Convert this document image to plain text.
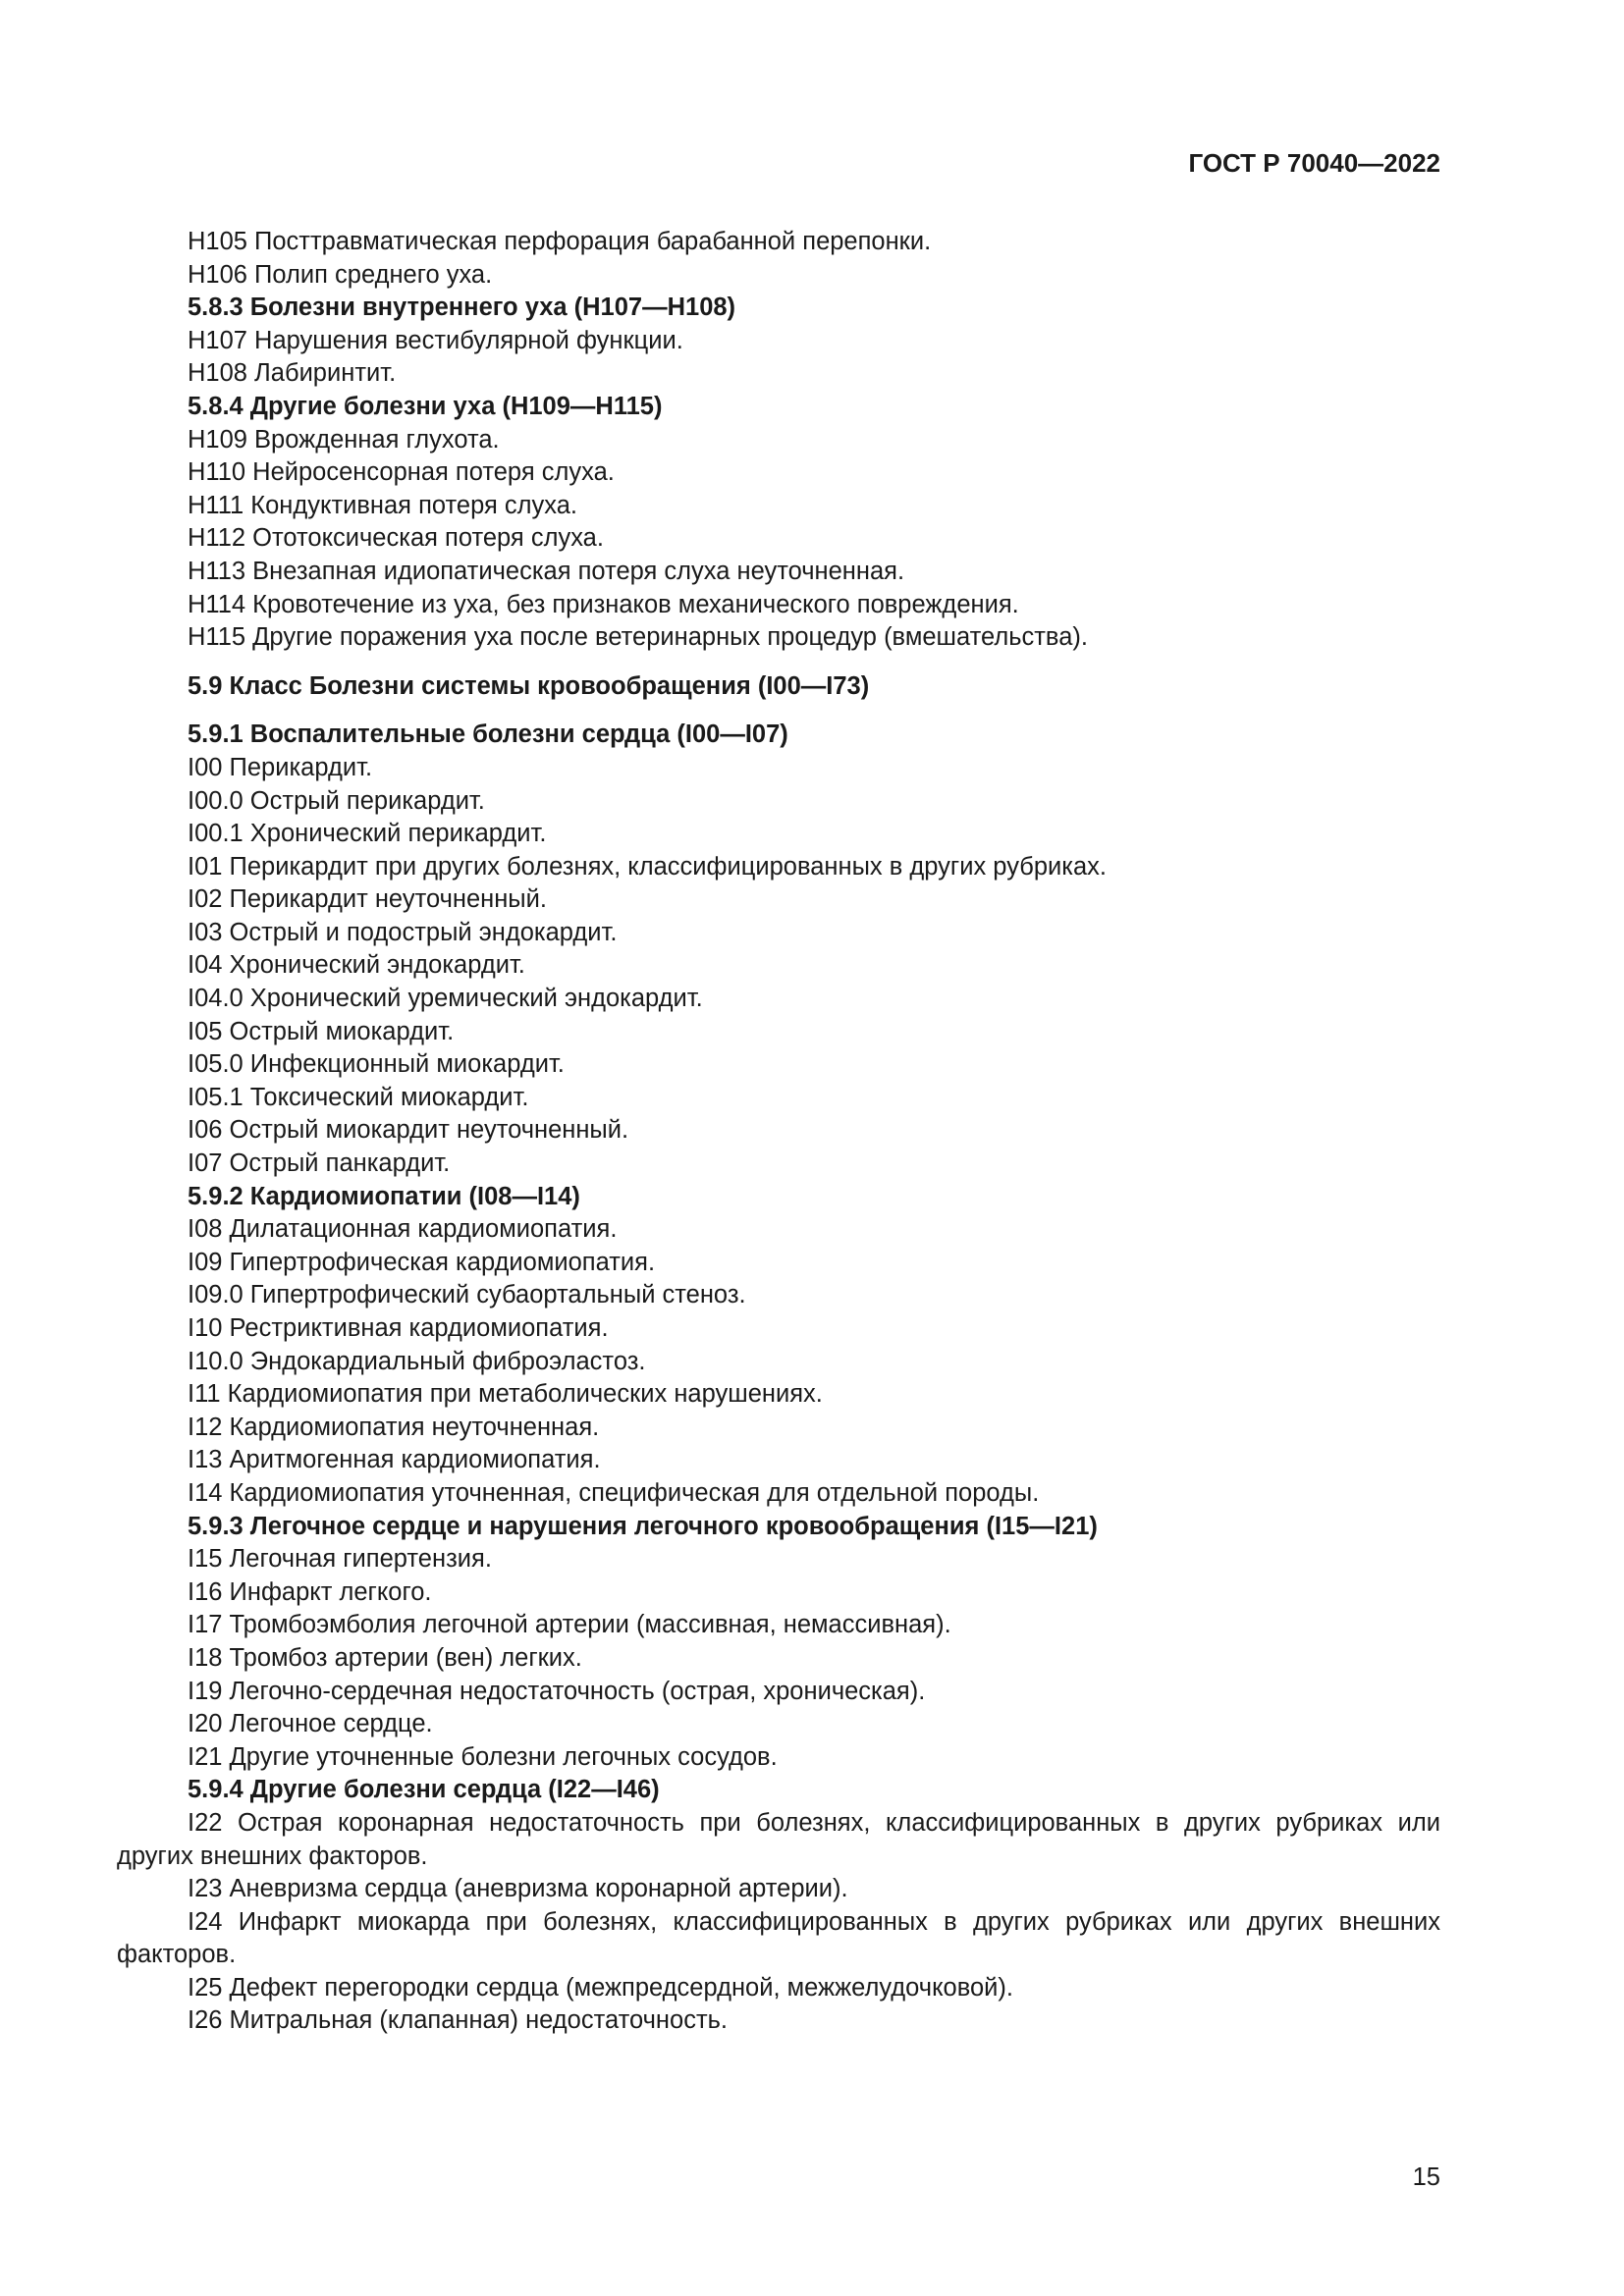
ГОСТ Р 70040—2022
H105 Посттравматическая перфорация барабанной перепонки.
H106 Полип среднего уха.
5.8.3 Болезни внутреннего уха (H107—H108)
H107 Нарушения вестибулярной функции.
H108 Лабиринтит.
5.8.4 Другие болезни уха (H109—H115)
H109 Врожденная глухота.
H110 Нейросенсорная потеря слуха.
H111 Кондуктивная потеря слуха.
H112 Ототоксическая потеря слуха.
H113 Внезапная идиопатическая потеря слуха неуточненная.
H114 Кровотечение из уха, без признаков механического повреждения.
H115 Другие поражения уха после ветеринарных процедур (вмешательства).
5.9 Класс Болезни системы кровообращения (I00—I73)
5.9.1 Воспалительные болезни сердца (I00—I07)
I00 Перикардит.
I00.0 Острый перикардит.
I00.1 Хронический перикардит.
I01 Перикардит при других болезнях, классифицированных в других рубриках.
I02 Перикардит неуточненный.
I03 Острый и подострый эндокардит.
I04 Хронический эндокардит.
I04.0 Хронический уремический эндокардит.
I05 Острый миокардит.
I05.0 Инфекционный миокардит.
I05.1 Токсический миокардит.
I06 Острый миокардит неуточненный.
I07 Острый панкардит.
5.9.2 Кардиомиопатии (I08—I14)
I08 Дилатационная кардиомиопатия.
I09 Гипертрофическая кардиомиопатия.
I09.0 Гипертрофический субаортальный стеноз.
I10 Рестриктивная кардиомиопатия.
I10.0 Эндокардиальный фиброэластоз.
I11 Кардиомиопатия при метаболических нарушениях.
I12 Кардиомиопатия неуточненная.
I13 Аритмогенная кардиомиопатия.
I14 Кардиомиопатия уточненная, специфическая для отдельной породы.
5.9.3 Легочное сердце и нарушения легочного кровообращения (I15—I21)
I15 Легочная гипертензия.
I16 Инфаркт легкого.
I17 Тромбоэмболия легочной артерии (массивная, немассивная).
I18 Тромбоз артерии (вен) легких.
I19 Легочно-сердечная недостаточность (острая, хроническая).
I20 Легочное сердце.
I21 Другие уточненные болезни легочных сосудов.
5.9.4 Другие болезни сердца (I22—I46)
I22 Острая коронарная недостаточность при болезнях, классифицированных в других рубриках или других внешних факторов.
I23 Аневризма сердца (аневризма коронарной артерии).
I24 Инфаркт миокарда при болезнях, классифицированных в других рубриках или других внешних факторов.
I25 Дефект перегородки сердца (межпредсердной, межжелудочковой).
I26 Митральная (клапанная) недостаточность.
15
